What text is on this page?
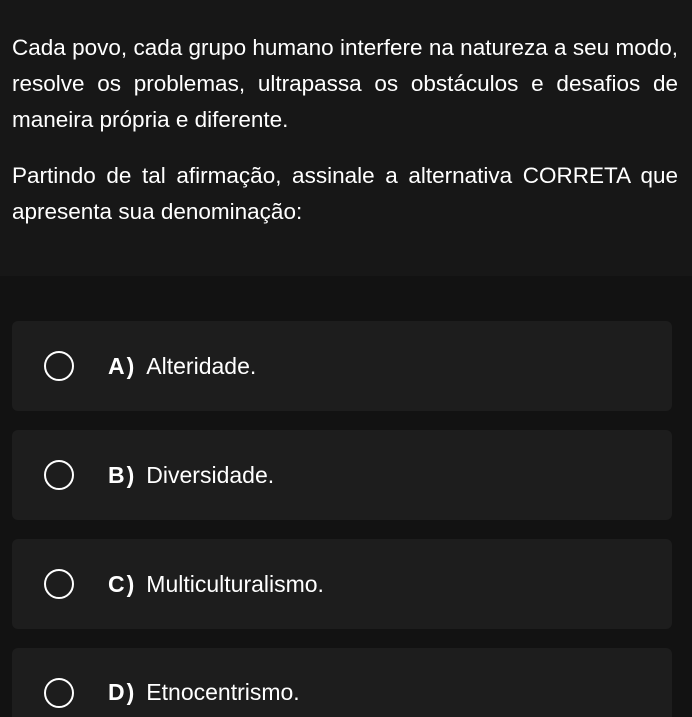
Cada povo, cada grupo humano interfere na natureza a seu modo, resolve os problemas, ultrapassa os obstáculos e desafios de maneira própria e diferente.

Partindo de tal afirmação, assinale a alternativa CORRETA que apresenta sua denominação:

A ) Alteridade.
B ) Diversidade.
C ) Multiculturalismo.
D ) Etnocentrismo.
